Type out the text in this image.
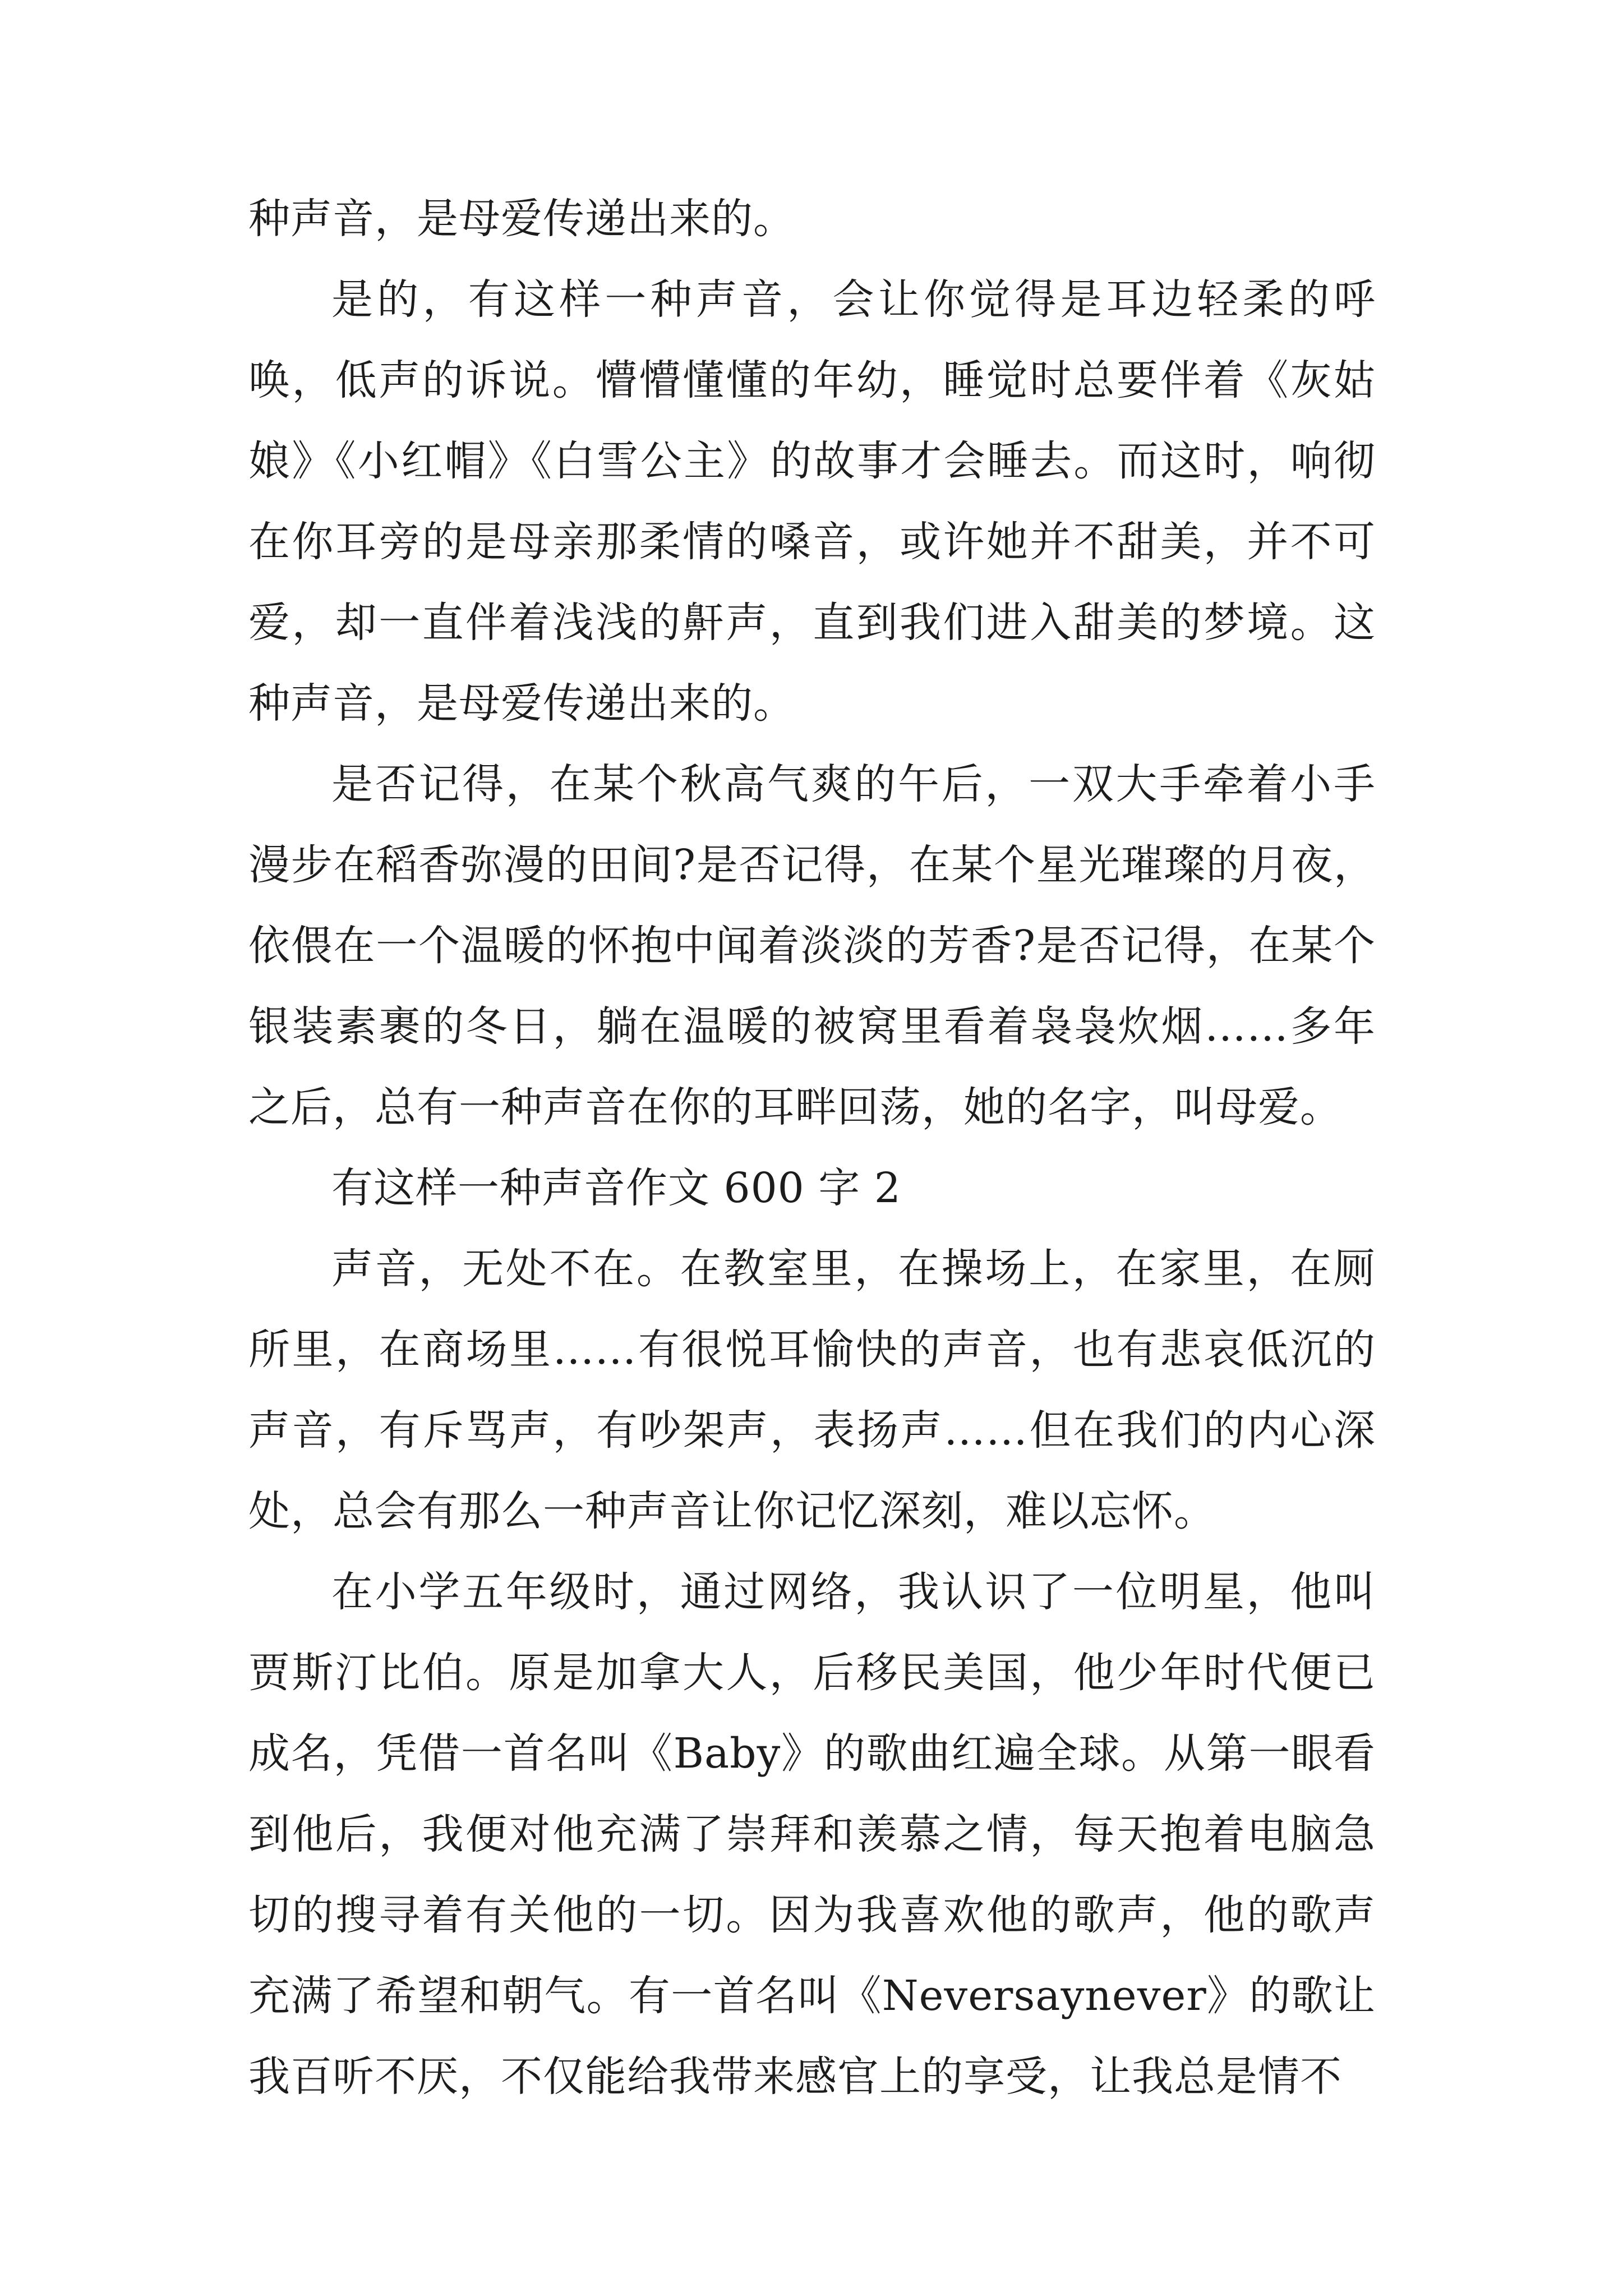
种声音，是母爱传递出来的。

是的，有这样一种声音，会让你觉得是耳边轻柔的呼唤，低声的诉说。懵懵懂懂的年幼，睡觉时总要伴着《灰姑娘》《小红帽》《白雪公主》的故事才会睡去。而这时，响彻在你耳旁的是母亲那柔情的嗓音，或许她并不甜美，并不可爱，却一直伴着浅浅的鼾声，直到我们进入甜美的梦境。这种声音，是母爱传递出来的。

是否记得，在某个秋高气爽的午后，一双大手牵着小手漫步在稻香弥漫的田间?是否记得，在某个星光璀璨的月夜，依偎在一个温暖的怀抱中闻着淡淡的芳香?是否记得，在某个银装素裹的冬日，躺在温暖的被窝里看着袅袅炊烟……多年之后，总有一种声音在你的耳畔回荡，她的名字，叫母爱。

有这样一种声音作文 600 字 2

声音，无处不在。在教室里，在操场上，在家里，在厕所里，在商场里……有很悦耳愉快的声音，也有悲哀低沉的声音，有斥骂声，有吵架声，表扬声……但在我们的内心深处，总会有那么一种声音让你记忆深刻，难以忘怀。

在小学五年级时，通过网络，我认识了一位明星，他叫贾斯汀比伯。原是加拿大人，后移民美国，他少年时代便已成名，凭借一首名叫《Baby》的歌曲红遍全球。从第一眼看到他后，我便对他充满了崇拜和羡慕之情，每天抱着电脑急切的搜寻着有关他的一切。因为我喜欢他的歌声，他的歌声充满了希望和朝气。有一首名叫《Neversaynever》的歌让我百听不厌，不仅能给我带来感官上的享受，让我总是情不
